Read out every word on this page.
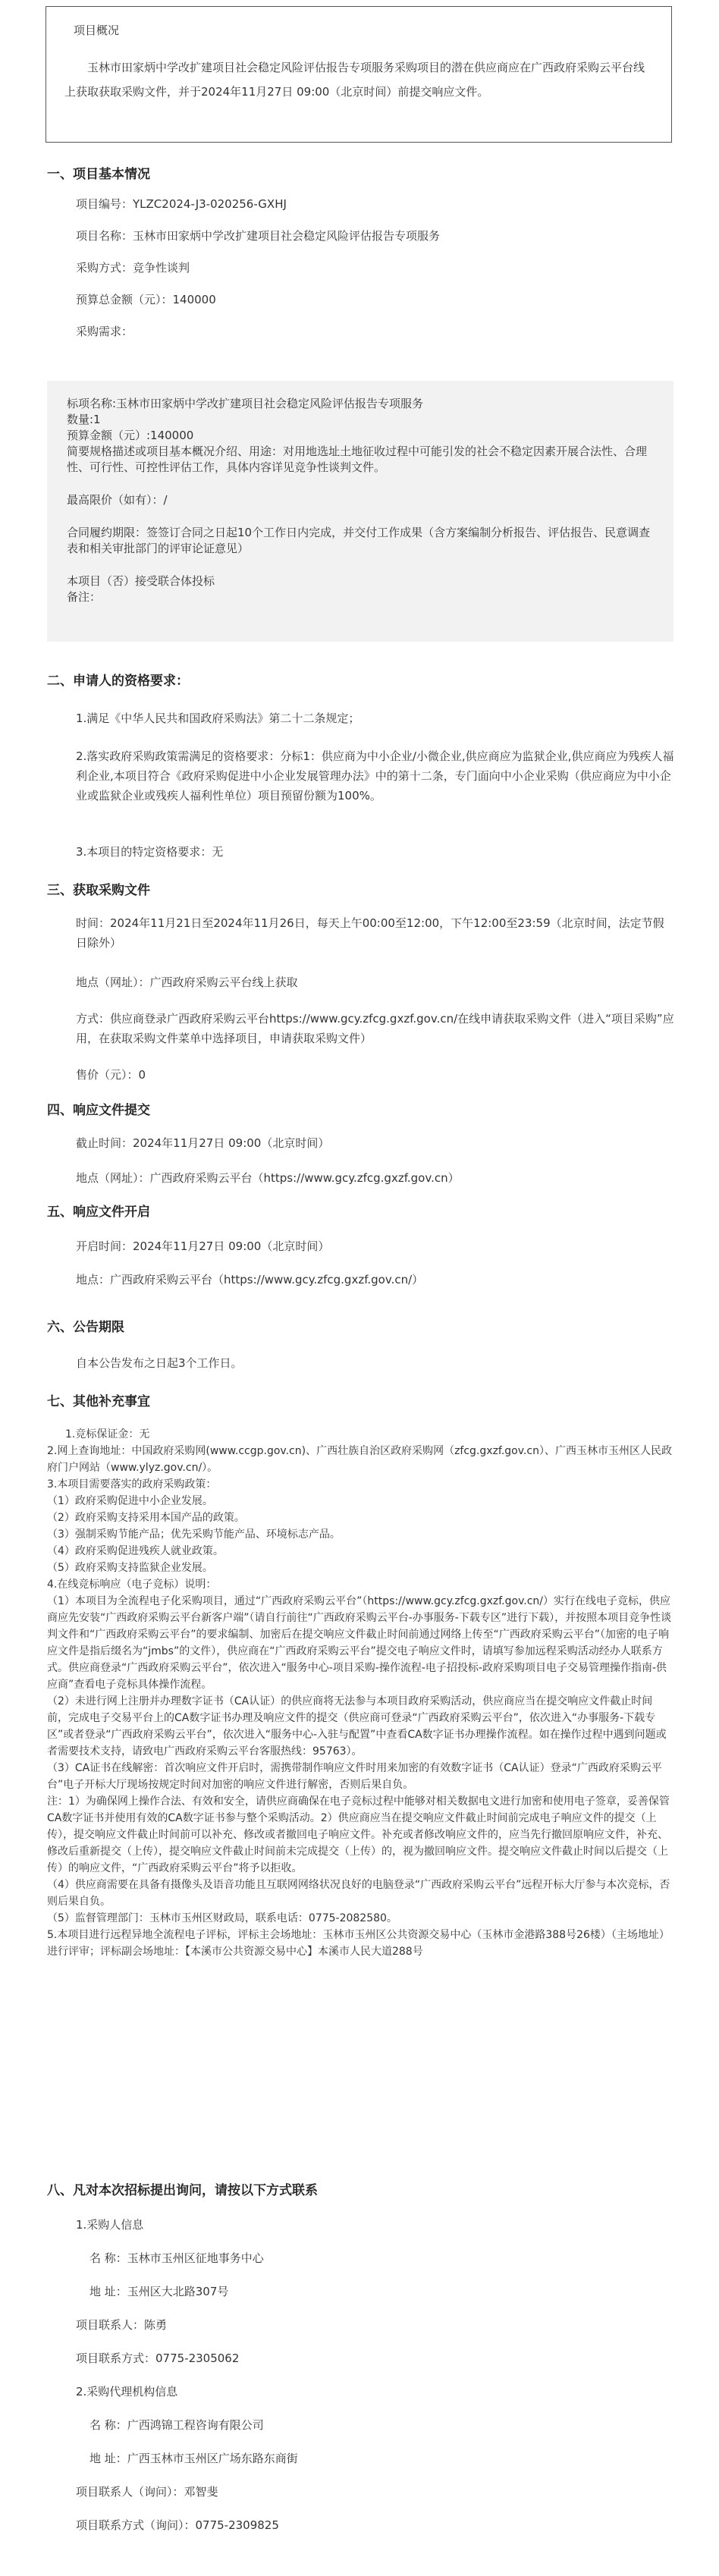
项目概况

玉林市田家炳中学改扩建项目社会稳定风险评估报告专项服务采购项目的潜在供应商应在广西政府采购云平台线上获取获取采购文件，并于2024年11月27日 09:00（北京时间）前提交响应文件。

一、项目基本情况

项目编号：YLZC2024-J3-020256-GXHJ

项目名称：玉林市田家炳中学改扩建项目社会稳定风险评估报告专项服务

采购方式：竞争性谈判

预算总金额（元）：140000

采购需求：

标项名称:玉林市田家炳中学改扩建项目社会稳定风险评估报告专项服务

数量:1

预算金额（元）:140000

简要规格描述或项目基本概况介绍、用途：对用地选址土地征收过程中可能引发的社会不稳定因素开展合法性、合理性、可行性、可控性评估工作，具体内容详见竞争性谈判文件。

最高限价（如有）：/

合同履约期限：签签订合同之日起10个工作日内完成，并交付工作成果（含方案编制分析报告、评估报告、民意调查表和相关审批部门的评审论证意见）

本项目（否）接受联合体投标

备注：

二、申请人的资格要求：

1.满足《中华人民共和国政府采购法》第二十二条规定；

2.落实政府采购政策需满足的资格要求：分标1：供应商为中小企业/小微企业,供应商应为监狱企业,供应商应为残疾人福利企业,本项目符合《政府采购促进中小企业发展管理办法》中的第十二条，专门面向中小企业采购（供应商应为中小企业或监狱企业或残疾人福利性单位）项目预留份额为100%。

3.本项目的特定资格要求：无

三、获取采购文件

时间：2024年11月21日至2024年11月26日，每天上午00:00至12:00，下午12:00至23:59（北京时间，法定节假日除外）

地点（网址）：广西政府采购云平台线上获取

方式：供应商登录广西政府采购云平台https://www.gcy.zfcg.gxzf.gov.cn/在线申请获取采购文件（进入“项目采购”应用，在获取采购文件菜单中选择项目，申请获取采购文件）

售价（元）：0

四、响应文件提交

截止时间：2024年11月27日 09:00（北京时间）

地点（网址）：广西政府采购云平台（https://www.gcy.zfcg.gxzf.gov.cn）

五、响应文件开启

开启时间：2024年11月27日 09:00（北京时间）

地点：广西政府采购云平台（https://www.gcy.zfcg.gxzf.gov.cn/）

六、公告期限

自本公告发布之日起3个工作日。

七、其他补充事宜

1.竞标保证金：无

2.网上查询地址：中国政府采购网(www.ccgp.gov.cn)、广西壮族自治区政府采购网（zfcg.gxzf.gov.cn）、广西玉林市玉州区人民政府门户网站（www.ylyz.gov.cn/）。

3.本项目需要落实的政府采购政策：

（1）政府采购促进中小企业发展。

（2）政府采购支持采用本国产品的政策。

（3）强制采购节能产品；优先采购节能产品、环境标志产品。

（4）政府采购促进残疾人就业政策。

（5）政府采购支持监狱企业发展。

4.在线竞标响应（电子竞标）说明：

（1）本项目为全流程电子化采购项目，通过“广西政府采购云平台”（https://www.gcy.zfcg.gxzf.gov.cn/）实行在线电子竞标，供应商应先安装“广西政府采购云平台新客户端”（请自行前往“广西政府采购云平台-办事服务-下载专区”进行下载），并按照本项目竞争性谈判文件和“广西政府采购云平台”的要求编制、加密后在提交响应文件截止时间前通过网络上传至“广西政府采购云平台”（加密的电子响应文件是指后缀名为“jmbs”的文件），供应商在“广西政府采购云平台”提交电子响应文件时，请填写参加远程采购活动经办人联系方式。供应商登录“广西政府采购云平台”，依次进入“服务中心-项目采购-操作流程-电子招投标-政府采购项目电子交易管理操作指南-供应商”查看电子竞标具体操作流程。

（2）未进行网上注册并办理数字证书（CA认证）的供应商将无法参与本项目政府采购活动，供应商应当在提交响应文件截止时间前，完成电子交易平台上的CA数字证书办理及响应文件的提交（供应商可登录“广西政府采购云平台”，依次进入“办事服务-下载专区”或者登录“广西政府采购云平台”，依次进入“服务中心-入驻与配置”中查看CA数字证书办理操作流程。如在操作过程中遇到问题或者需要技术支持，请致电广西政府采购云平台客服热线：95763）。

（3）CA证书在线解密：首次响应文件开启时，需携带制作响应文件时用来加密的有效数字证书（CA认证）登录“广西政府采购云平台”电子开标大厅现场按规定时间对加密的响应文件进行解密，否则后果自负。

注：1）为确保网上操作合法、有效和安全，请供应商确保在电子竞标过程中能够对相关数据电文进行加密和使用电子签章，妥善保管CA数字证书并使用有效的CA数字证书参与整个采购活动。2）供应商应当在提交响应文件截止时间前完成电子响应文件的提交（上传），提交响应文件截止时间前可以补充、修改或者撤回电子响应文件。补充或者修改响应文件的，应当先行撤回原响应文件，补充、修改后重新提交（上传），提交响应文件截止时间前未完成提交（上传）的，视为撤回响应文件。提交响应文件截止时间以后提交（上传）的响应文件，“广西政府采购云平台”将予以拒收。

（4）供应商需要在具备有摄像头及语音功能且互联网网络状况良好的电脑登录“广西政府采购云平台”远程开标大厅参与本次竞标，否则后果自负。

（5）监督管理部门：玉林市玉州区财政局，联系电话：0775-2082580。

5.本项目进行远程异地全流程电子评标，评标主会场地址：玉林市玉州区公共资源交易中心（玉林市金港路388号26楼）（主场地址）进行评审；评标副会场地址：【本溪市公共资源交易中心】本溪市人民大道288号

八、凡对本次招标提出询问，请按以下方式联系

1.采购人信息

名 称：玉林市玉州区征地事务中心

地 址：玉州区大北路307号

项目联系人：陈勇

项目联系方式：0775-2305062

2.采购代理机构信息

名 称：广西鸿锦工程咨询有限公司

地 址：广西玉林市玉州区广场东路东商街

项目联系人（询问）：邓智斐

项目联系方式（询问）：0775-2309825
